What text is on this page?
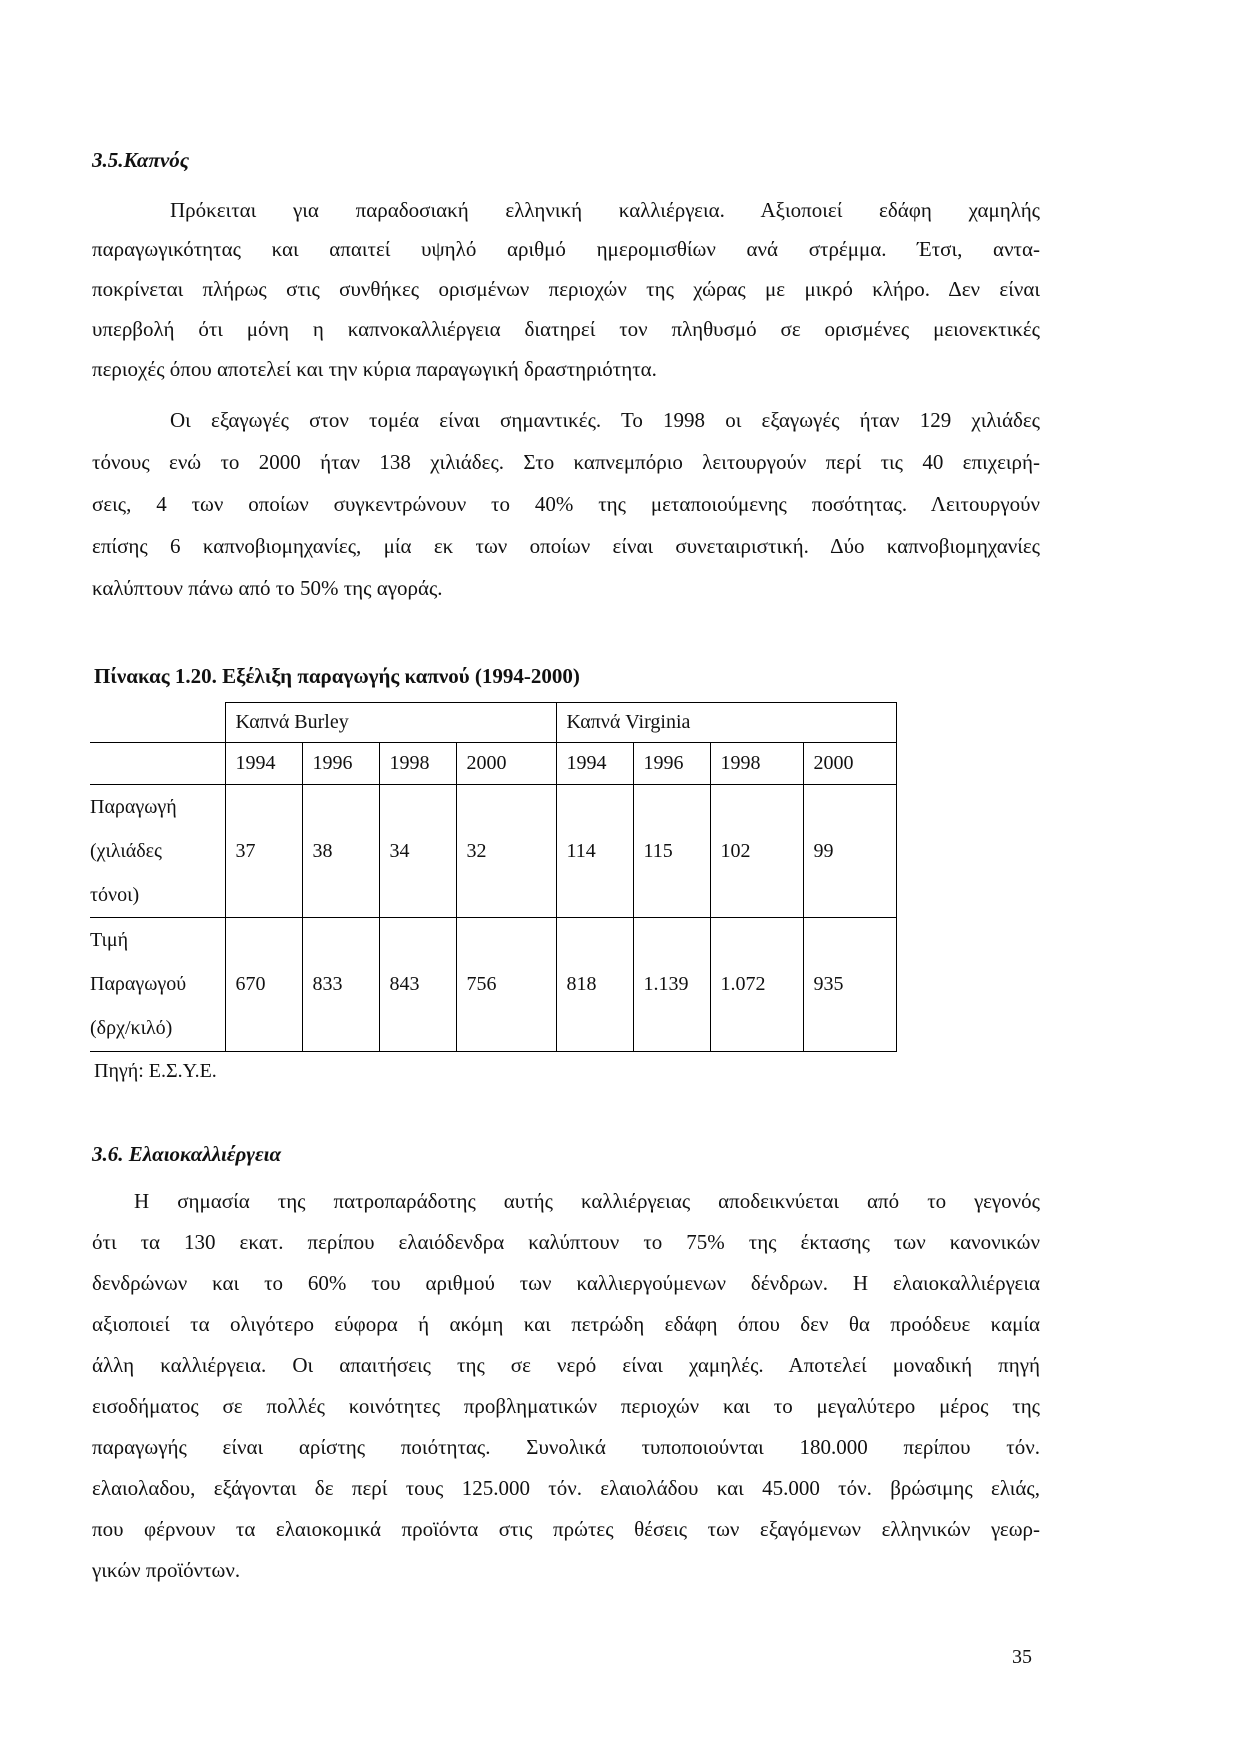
3.5.Καπνός
Πρόκειται για παραδοσιακή ελληνική καλλιέργεια. Αξιοποιεί εδάφη χαμηλής
παραγωγικότητας και απαιτεί υψηλό αριθμό ημερομισθίων ανά στρέμμα. Έτσι, αντα-
ποκρίνεται πλήρως στις συνθήκες ορισμένων περιοχών της χώρας με μικρό κλήρο. Δεν είναι
υπερβολή ότι μόνη η καπνοκαλλιέργεια διατηρεί τον πληθυσμό σε ορισμένες μειονεκτικές
περιοχές όπου αποτελεί και την κύρια παραγωγική δραστηριότητα.
Οι εξαγωγές στον τομέα είναι σημαντικές. Το 1998 οι εξαγωγές ήταν 129 χιλιάδες
τόνους ενώ το 2000 ήταν 138 χιλιάδες. Στο καπνεμπόριο λειτουργούν περί τις 40 επιχειρή-
σεις, 4 των οποίων συγκεντρώνουν το 40% της μεταποιούμενης ποσότητας. Λειτουργούν
επίσης 6 καπνοβιομηχανίες, μία εκ των οποίων είναι συνεταιριστική. Δύο καπνοβιομηχανίες
καλύπτουν πάνω από το 50% της αγοράς.
Πίνακας 1.20. Εξέλιξη παραγωγής καπνού (1994-2000)
	Καπνά Burley				Καπνά Virginia			
	1994	1996	1998	2000	1994	1996	1998	2000

Παραγωγή
(χιλιάδες
τόνοι)	37	38	34	32	114	115	102	99

Τιμή
Παραγωγού
(δρχ/κιλό)	670	833	843	756	818	1.139	1.072	935
Πηγή: Ε.Σ.Υ.Ε.
3.6. Ελαιοκαλλιέργεια
Η σημασία της πατροπαράδοτης αυτής καλλιέργειας αποδεικνύεται από το γεγονός
ότι τα 130 εκατ. περίπου ελαιόδενδρα καλύπτουν το 75% της έκτασης των κανονικών
δενδρώνων και το 60% του αριθμού των καλλιεργούμενων δένδρων. Η ελαιοκαλλιέργεια
αξιοποιεί τα ολιγότερο εύφορα ή ακόμη και πετρώδη εδάφη όπου δεν θα προόδευε καμία
άλλη καλλιέργεια. Οι απαιτήσεις της σε νερό είναι χαμηλές. Αποτελεί μοναδική πηγή
εισοδήματος σε πολλές κοινότητες προβληματικών περιοχών και το μεγαλύτερο μέρος της
παραγωγής είναι αρίστης ποιότητας. Συνολικά τυποποιούνται 180.000 περίπου τόν.
ελαιολαδου, εξάγονται δε περί τους 125.000 τόν. ελαιολάδου και 45.000 τόν. βρώσιμης ελιάς,
που φέρνουν τα ελαιοκομικά προϊόντα στις πρώτες θέσεις των εξαγόμενων ελληνικών γεωρ-
γικών προϊόντων.
35
